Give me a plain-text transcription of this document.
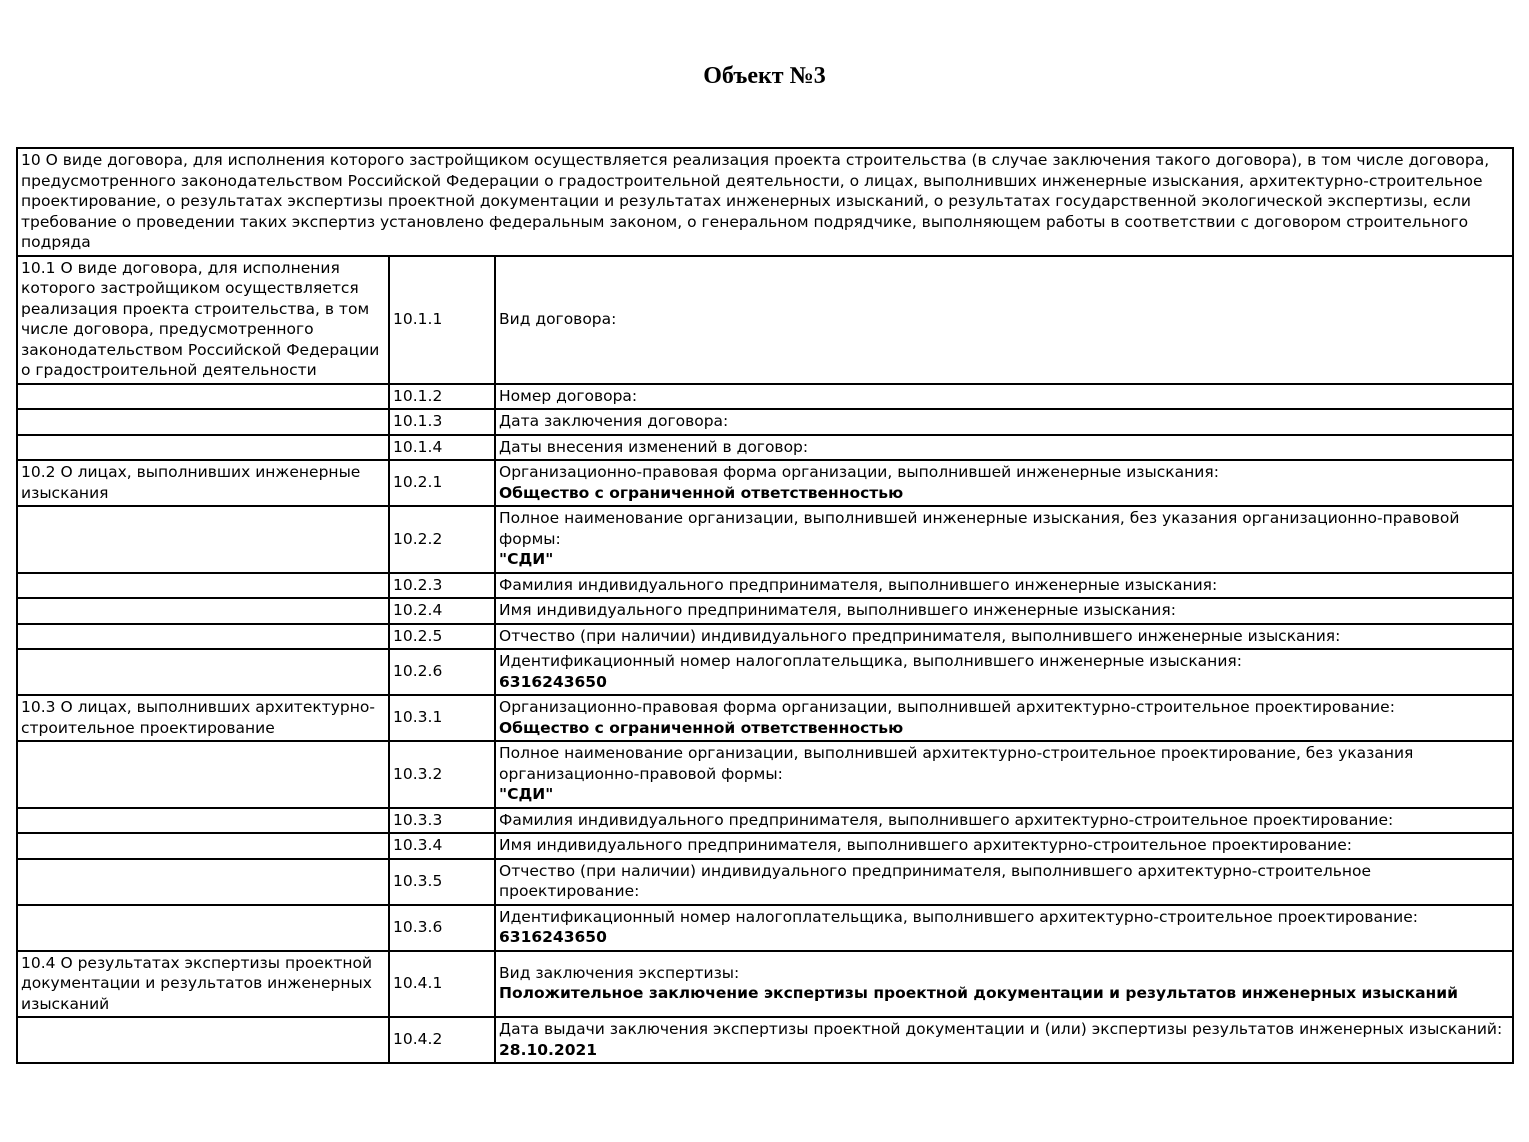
Объект №3
10 О виде договора, для исполнения которого застройщиком осуществляется реализация проекта строительства (в случае заключения такого договора), в том числе договора, предусмотренного законодательством Российской Федерации о градостроительной деятельности, о лицах, выполнивших инженерные изыскания, архитектурно-строительное проектирование, о результатах экспертизы проектной документации и результатах инженерных изысканий, о результатах государственной экологической экспертизы, если требование о проведении таких экспертиз установлено федеральным законом, о генеральном подрядчике, выполняющем работы в соответствии с договором строительного подряда		
10.1 О виде договора, для исполнения которого застройщиком осуществляется реализация проекта строительства, в том числе договора, предусмотренного законодательством Российской Федерации о градостроительной деятельности	10.1.1	Вид договора:

	10.1.2	Номер договора:

	10.1.3	Дата заключения договора:

	10.1.4	Даты внесения изменений в договор:

10.2 О лицах, выполнивших инженерные изыскания	10.2.1	Организационно-правовая форма организации, выполнившей инженерные изыскания:
Общество с ограниченной ответственностью

	10.2.2	Полное наименование организации, выполнившей инженерные изыскания, без указания организационно-правовой формы:
"СДИ"

	10.2.3	Фамилия индивидуального предпринимателя, выполнившего инженерные изыскания:

	10.2.4	Имя индивидуального предпринимателя, выполнившего инженерные изыскания:

	10.2.5	Отчество (при наличии) индивидуального предпринимателя, выполнившего инженерные изыскания:

	10.2.6	Идентификационный номер налогоплательщика, выполнившего инженерные изыскания:
6316243650

10.3 О лицах, выполнивших архитектурно-строительное проектирование	10.3.1	Организационно-правовая форма организации, выполнившей архитектурно-строительное проектирование:
Общество с ограниченной ответственностью

	10.3.2	Полное наименование организации, выполнившей архитектурно-строительное проектирование, без указания организационно-правовой формы:
"СДИ"

	10.3.3	Фамилия индивидуального предпринимателя, выполнившего архитектурно-строительное проектирование:

	10.3.4	Имя индивидуального предпринимателя, выполнившего архитектурно-строительное проектирование:

	10.3.5	Отчество (при наличии) индивидуального предпринимателя, выполнившего архитектурно-строительное проектирование:

	10.3.6	Идентификационный номер налогоплательщика, выполнившего архитектурно-строительное проектирование:
6316243650

10.4 О результатах экспертизы проектной документации и результатов инженерных изысканий	10.4.1	Вид заключения экспертизы:
Положительное заключение экспертизы проектной документации и результатов инженерных изысканий

	10.4.2	Дата выдачи заключения экспертизы проектной документации и (или) экспертизы результатов инженерных изысканий:
28.10.2021
